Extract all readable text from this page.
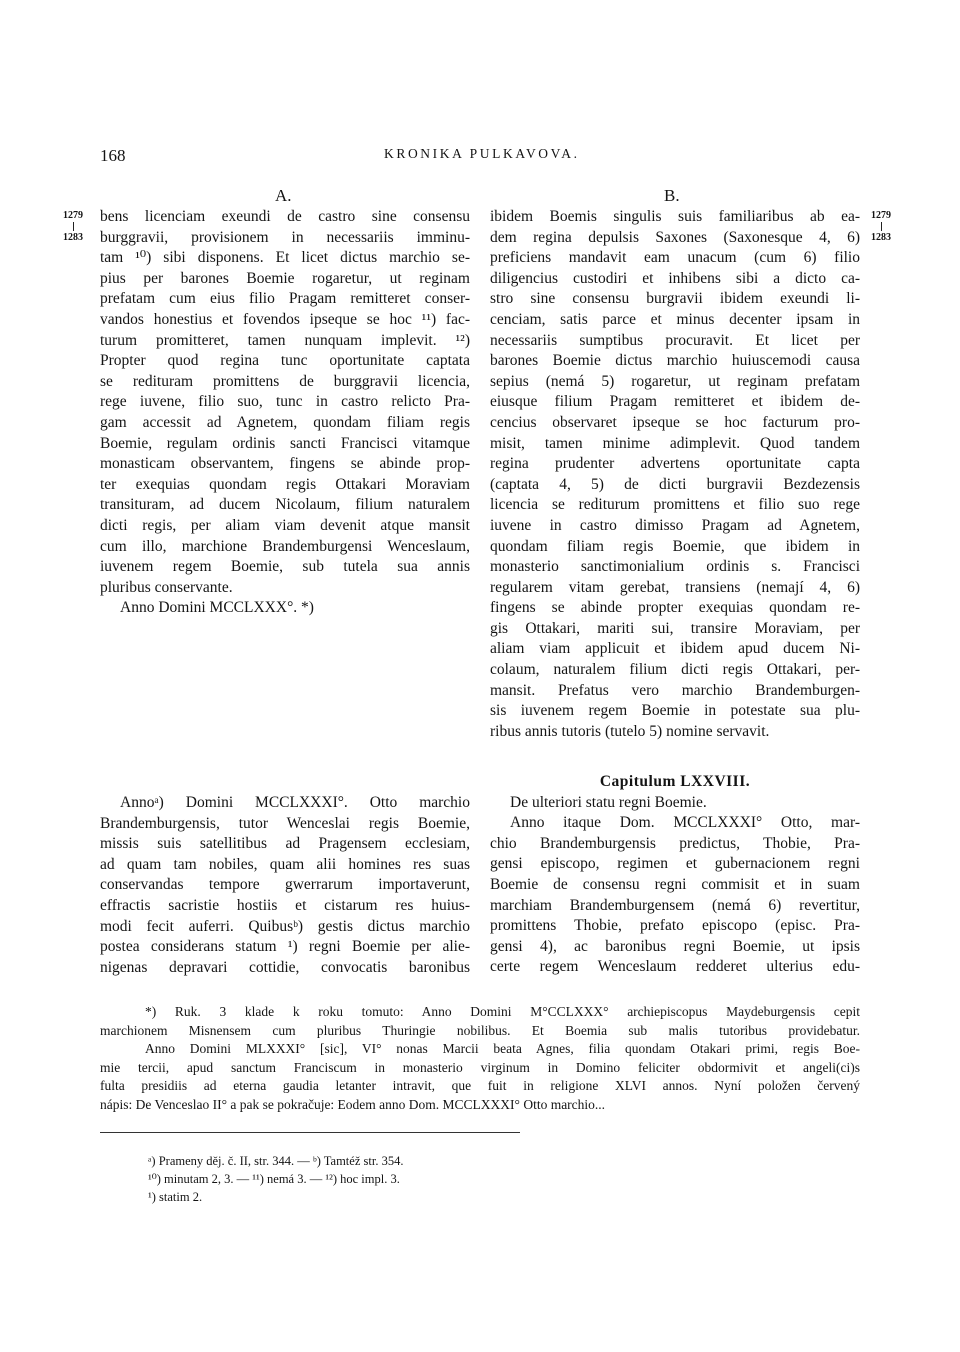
168	KRONIKA PULKAVOVA.
A.	B.
1279
1283
1279
1283
bens licenciam exeundi de castro sine consensu
burggravii, provisionem in necessariis imminu-
tam ¹⁰) sibi disponens. Et licet dictus marchio se-
pius per barones Boemie rogaretur, ut reginam
prefatam cum eius filio Pragam remitteret conser-
vandos honestius et fovendos ipseque se hoc ¹¹) fac-
turum promitteret, tamen nunquam implevit. ¹²)
Propter quod regina tunc oportunitate captata
se redituram promittens de burggravii licencia,
rege iuvene, filio suo, tunc in castro relicto Pra-
gam accessit ad Agnetem, quondam filiam regis
Boemie, regulam ordinis sancti Francisci vitamque
monasticam observantem, fingens se abinde prop-
ter exequias quondam regis Ottakari Moraviam
transituram, ad ducem Nicolaum, filium naturalem
dicti regis, per aliam viam devenit atque mansit
cum illo, marchione Brandemburgensi Wenceslaum,
iuvenem regem Boemie, sub tutela sua annis
pluribus conservante.
Anno Domini MCCLXXX°. *)
Annoᵃ) Domini MCCLXXXI°. Otto marchio
Brandemburgensis, tutor Wenceslai regis Boemie,
missis suis satellitibus ad Pragensem ecclesiam,
ad quam tam nobiles, quam alii homines res suas
conservandas tempore gwerrarum importaverunt,
effractis sacristie hostiis et cistarum res huius-
modi fecit auferri. Quibusᵇ) gestis dictus marchio
postea considerans statum ¹) regni Boemie per alie-
nigenas depravari cottidie, convocatis baronibus
ibidem Boemis singulis suis familiaribus ab ea-
dem regina depulsis Saxones (Saxonesque 4, 6)
preficiens mandavit eam unacum (cum 6) filio
diligencius custodiri et inhibens sibi a dicto ca-
stro sine consensu burgravii ibidem exeundi li-
cenciam, satis parce et minus decenter ipsam in
necessariis sumptibus procuravit. Et licet per
barones Boemie dictus marchio huiuscemodi causa
sepius (nemá 5) rogaretur, ut reginam prefatam
eiusque filium Pragam remitteret et ibidem de-
cencius observaret ipseque se hoc facturum pro-
misit, tamen minime adimplevit. Quod tandem
regina prudenter advertens oportunitate capta
(captata 4, 5) de dicti burgravii Bezdezensis
licencia se rediturum promittens et filio suo rege
iuvene in castro dimisso Pragam ad Agnetem,
quondam filiam regis Boemie, que ibidem in
monasterio sanctimonialium ordinis s. Francisci
regularem vitam gerebat, transiens (nemají 4, 6)
fingens se abinde propter exequias quondam re-
gis Ottakari, mariti sui, transire Moraviam, per
aliam viam applicuit et ibidem apud ducem Ni-
colaum, naturalem filium dicti regis Ottakari, per-
mansit. Prefatus vero marchio Brandemburgen-
sis iuvenem regem Boemie in potestate sua plu-
ribus annis tutoris (tutelo 5) nomine servavit.
Capitulum LXXVIII.
De ulteriori statu regni Boemie.
Anno itaque Dom. MCCLXXXI° Otto, mar-
chio Brandemburgensis predictus, Thobie, Pra-
gensi episcopo, regimen et gubernacionem regni
Boemie de consensu regni commisit et in suam
marchiam Brandemburgensem (nemá 6) revertitur,
promittens Thobie, prefato episcopo (episc. Pra-
gensi 4), ac baronibus regni Boemie, ut ipsis
certe regem Wenceslaum redderet ulterius edu-
*) Ruk. 3 klade k roku tomuto: Anno Domini M°CCLXXX° archiepiscopus Maydeburgensis cepit
marchionem Misnensem cum pluribus Thuringie nobilibus. Et Boemia sub malis tutoribus providebatur.
Anno Domini MLXXXI° [sic], VI° nonas Marcii beata Agnes, filia quondam Otakari primi, regis Boe-
mie tercii, apud sanctum Franciscum in monasterio virginum in Domino feliciter obdormivit et angeli(ci)s
fulta presidiis ad eterna gaudia letanter intravit, que fuit in religione XLVI annos. Nyní položen červený
nápis: De Venceslao II° a pak se pokračuje: Eodem anno Dom. MCCLXXXI° Otto marchio...
ᵃ) Prameny děj. č. II, str. 344. — ᵇ) Tamtéž str. 354.
¹⁰) minutam 2, 3. — ¹¹) nemá 3. — ¹²) hoc impl. 3.
¹) statim 2.
